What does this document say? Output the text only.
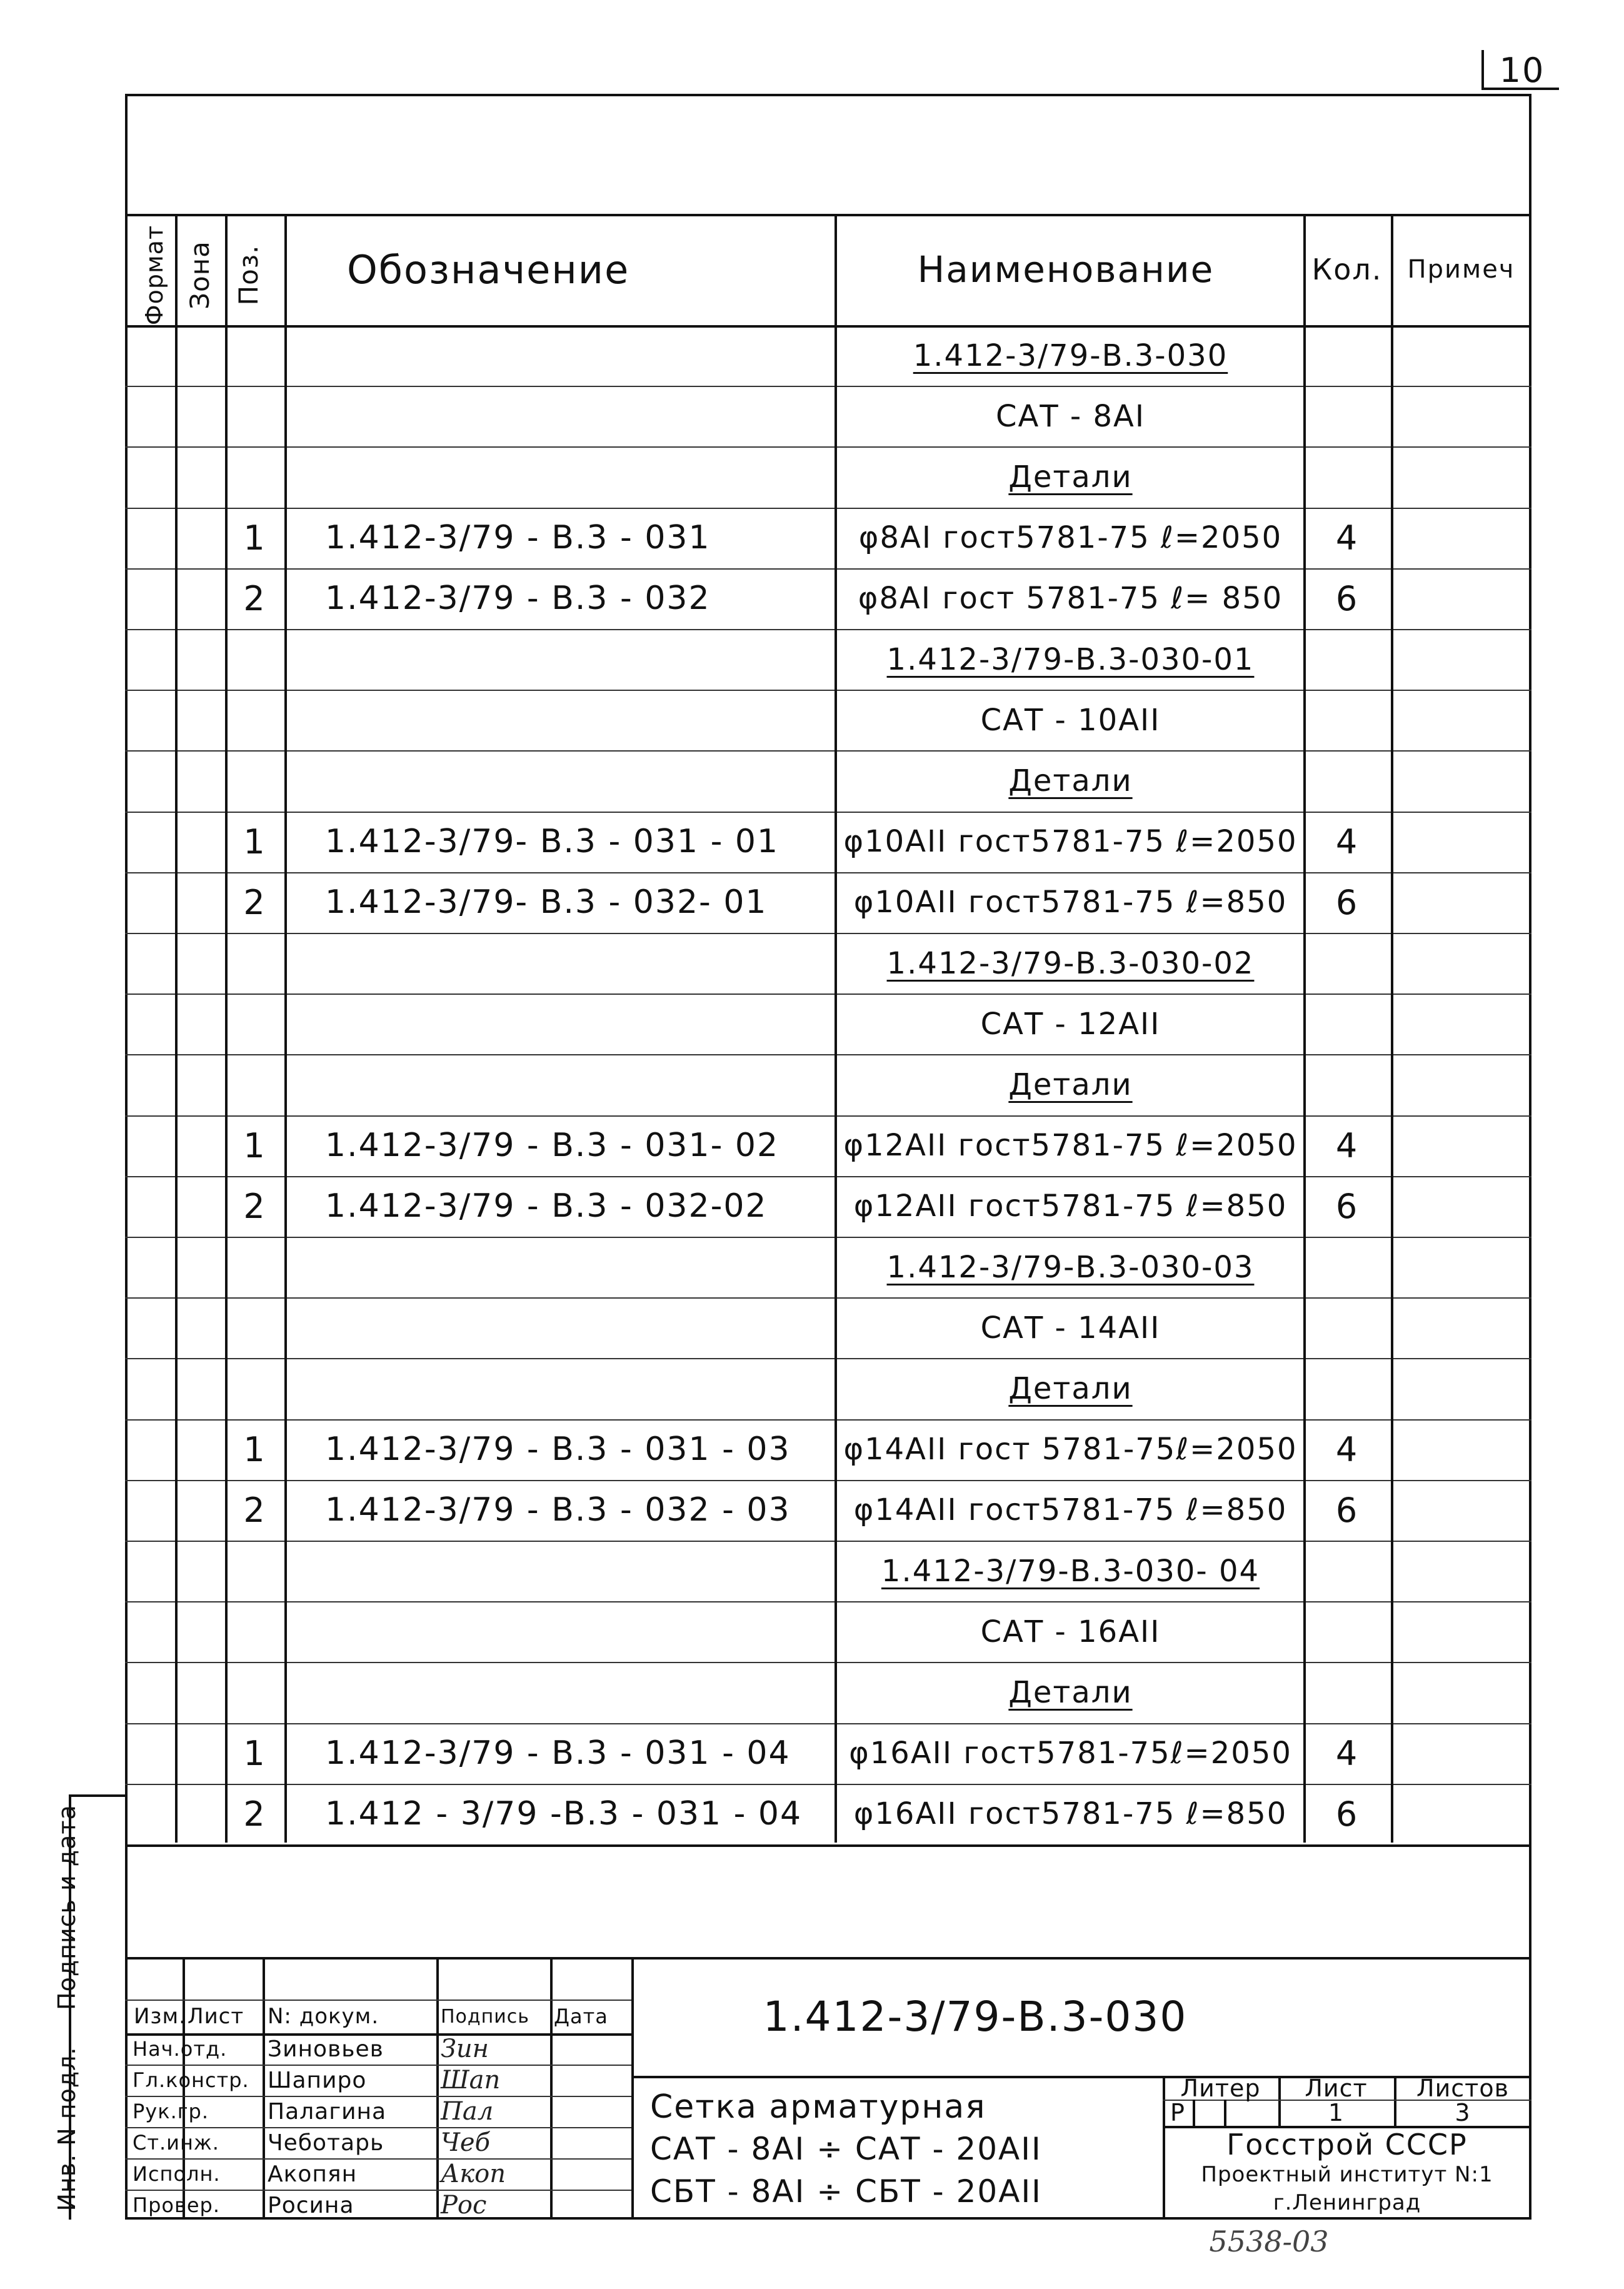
10
Инв. N подл.
Подпись и дата
Формат Зона Поз. Обозначение	Наименование	Кол.	Примеч
1.412-3/79-В.3-030
САТ - 8АI
Детали
1	1.412-3/79 - В.3 - 031	φ8АI гост5781-75 ℓ=2050	4
2	1.412-3/79 - В.3 - 032	φ8АI гост 5781-75 ℓ= 850	6
1.412-3/79-В.3-030-01
САТ - 10АII
Детали
1	1.412-3/79- В.3 - 031 - 01	φ10АII гост5781-75 ℓ=2050	4
2	1.412-3/79- В.3 - 032- 01	φ10АII гост5781-75 ℓ=850	6
1.412-3/79-В.3-030-02
САТ - 12АII
Детали
1	1.412-3/79 - В.3 - 031- 02	φ12АII гост5781-75 ℓ=2050	4
2	1.412-3/79 - В.3 - 032-02	φ12АII гост5781-75 ℓ=850	6
1.412-3/79-В.3-030-03
САТ - 14АII
Детали
1	1.412-3/79 - В.3 - 031 - 03	φ14АII гост 5781-75ℓ=2050	4
2	1.412-3/79 - В.3 - 032 - 03	φ14АII гост5781-75 ℓ=850	6
1.412-3/79-В.3-030- 04
САТ - 16АII
Детали
1	1.412-3/79 - В.3 - 031 - 04	φ16АII гост5781-75ℓ=2050	4
2	1.412 - 3/79 -В.3 - 031 - 04	φ16АII гост5781-75 ℓ=850	6
Изм. Лист	N: докум.	Подпись	Дата
Нач.отд.	Зиновьев	Зин
Гл.констр. Шапиро	Шап
Рук.гр.	Палагина	Пал
Ст.инж.	Чеботарь	Чеб
Исполн.	Акопян	Акоп
Провер.	Росина	Рос
1.412-3/79-В.3-030
Сетка арматурная
САТ - 8АI ÷ САТ - 20АII
СБТ - 8АI ÷ СБТ - 20АII
Литер	Лист	Листов
Р	1	3
Госстрой СССР
Проектный институт N:1
г.Ленинград
5538-03
